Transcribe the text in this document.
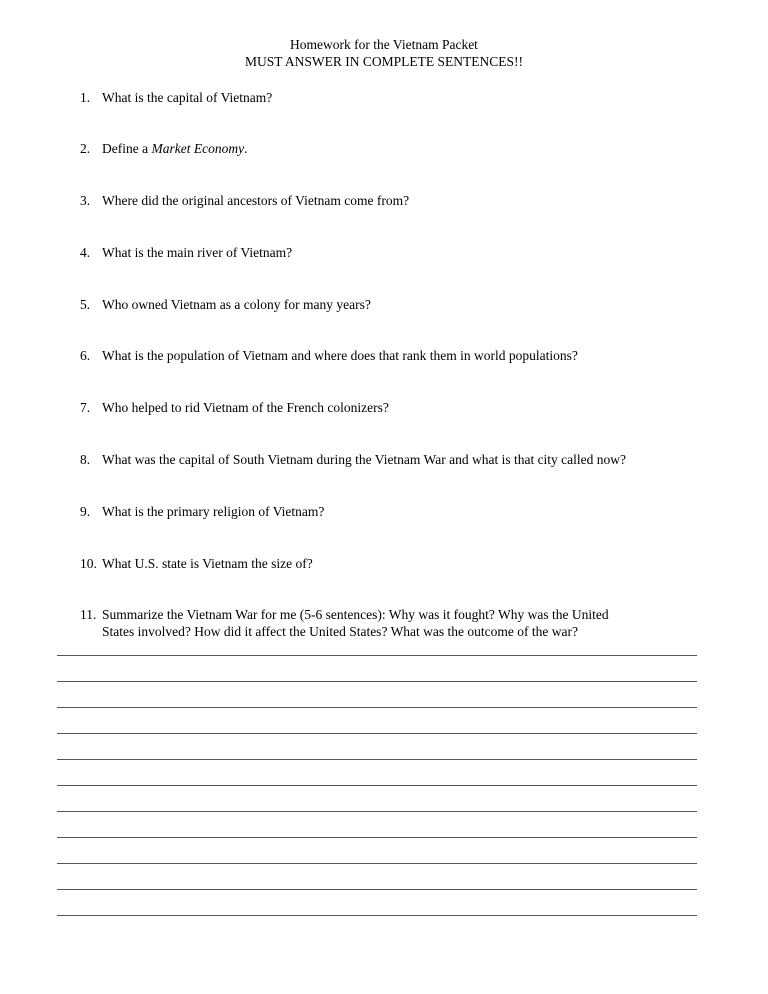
Homework for the Vietnam Packet
MUST ANSWER IN COMPLETE SENTENCES!!
1. What is the capital of Vietnam?
2. Define a Market Economy.
3. Where did the original ancestors of Vietnam come from?
4. What is the main river of Vietnam?
5. Who owned Vietnam as a colony for many years?
6. What is the population of Vietnam and where does that rank them in world populations?
7. Who helped to rid Vietnam of the French colonizers?
8. What was the capital of South Vietnam during the Vietnam War and what is that city called now?
9. What is the primary religion of Vietnam?
10. What U.S. state is Vietnam the size of?
11. Summarize the Vietnam War for me (5-6 sentences): Why was it fought? Why was the United
States involved? How did it affect the United States? What was the outcome of the war?
